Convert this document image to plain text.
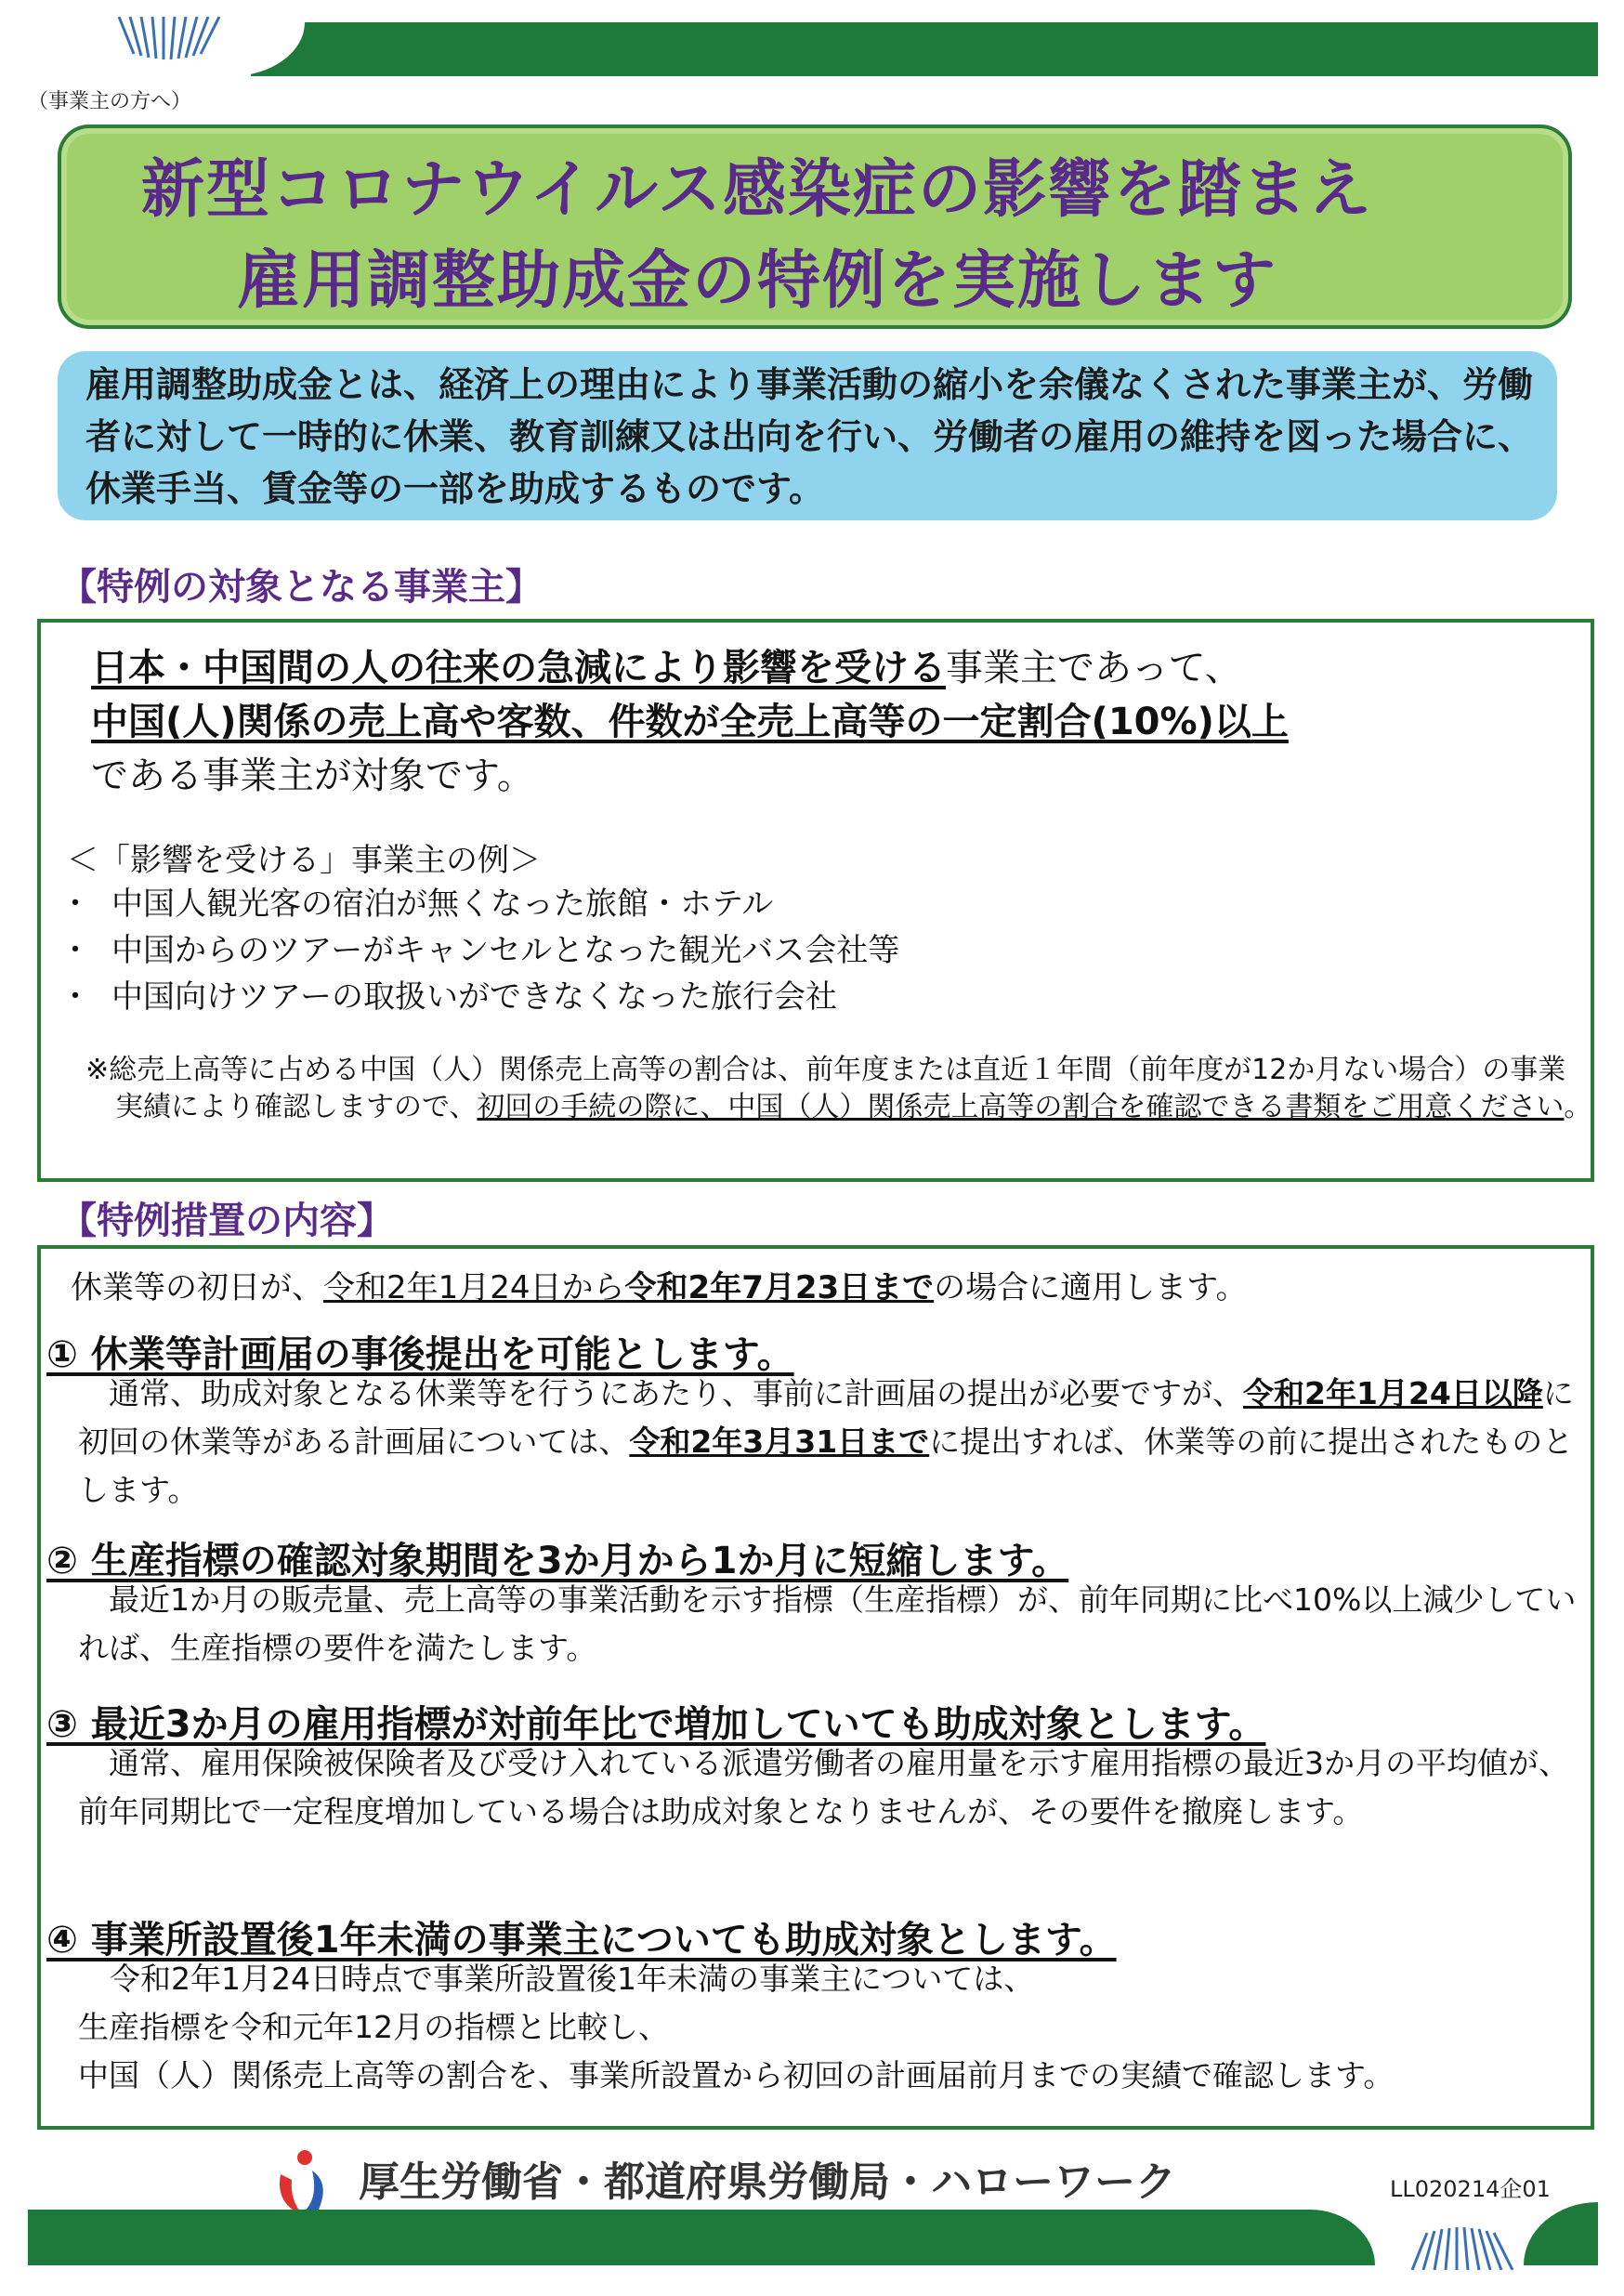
（事業主の方へ）
新型コロナウイルス感染症の影響を踏まえ
雇用調整助成金の特例を実施します
雇用調整助成金とは、経済上の理由により事業活動の縮小を余儀なくされた事業主が、労働者に対して一時的に休業、教育訓練又は出向を行い、労働者の雇用の維持を図った場合に、休業手当、賃金等の一部を助成するものです。
【特例の対象となる事業主】
日本・中国間の人の往来の急減により影響を受ける事業主であって、
中国(人)関係の売上高や客数、件数が全売上高等の一定割合(10%)以上
である事業主が対象です。
＜「影響を受ける」事業主の例＞
・ 中国人観光客の宿泊が無くなった旅館・ホテル
・ 中国からのツアーがキャンセルとなった観光バス会社等
・ 中国向けツアーの取扱いができなくなった旅行会社
※総売上高等に占める中国（人）関係売上高等の割合は、前年度または直近１年間（前年度が12か月ない場合）の事業実績により確認しますので、初回の手続の際に、中国（人）関係売上高等の割合を確認できる書類をご用意ください。
【特例措置の内容】
休業等の初日が、令和2年1月24日から令和2年7月23日までの場合に適用します。
① 休業等計画届の事後提出を可能とします。
　通常、助成対象となる休業等を行うにあたり、事前に計画届の提出が必要ですが、令和2年1月24日以降に初回の休業等がある計画届については、令和2年3月31日までに提出すれば、休業等の前に提出されたものとします。
② 生産指標の確認対象期間を3か月から1か月に短縮します。
　最近1か月の販売量、売上高等の事業活動を示す指標（生産指標）が、前年同期に比べ10%以上減少していれば、生産指標の要件を満たします。
③ 最近3か月の雇用指標が対前年比で増加していても助成対象とします。
　通常、雇用保険被保険者及び受け入れている派遣労働者の雇用量を示す雇用指標の最近3か月の平均値が、前年同期比で一定程度増加している場合は助成対象となりませんが、その要件を撤廃します。
④ 事業所設置後1年未満の事業主についても助成対象とします。
令和2年1月24日時点で事業所設置後1年未満の事業主については、
生産指標を令和元年12月の指標と比較し、
中国（人）関係売上高等の割合を、事業所設置から初回の計画届前月までの実績で確認します。
厚生労働省・都道府県労働局・ハローワーク	LL020214企01
